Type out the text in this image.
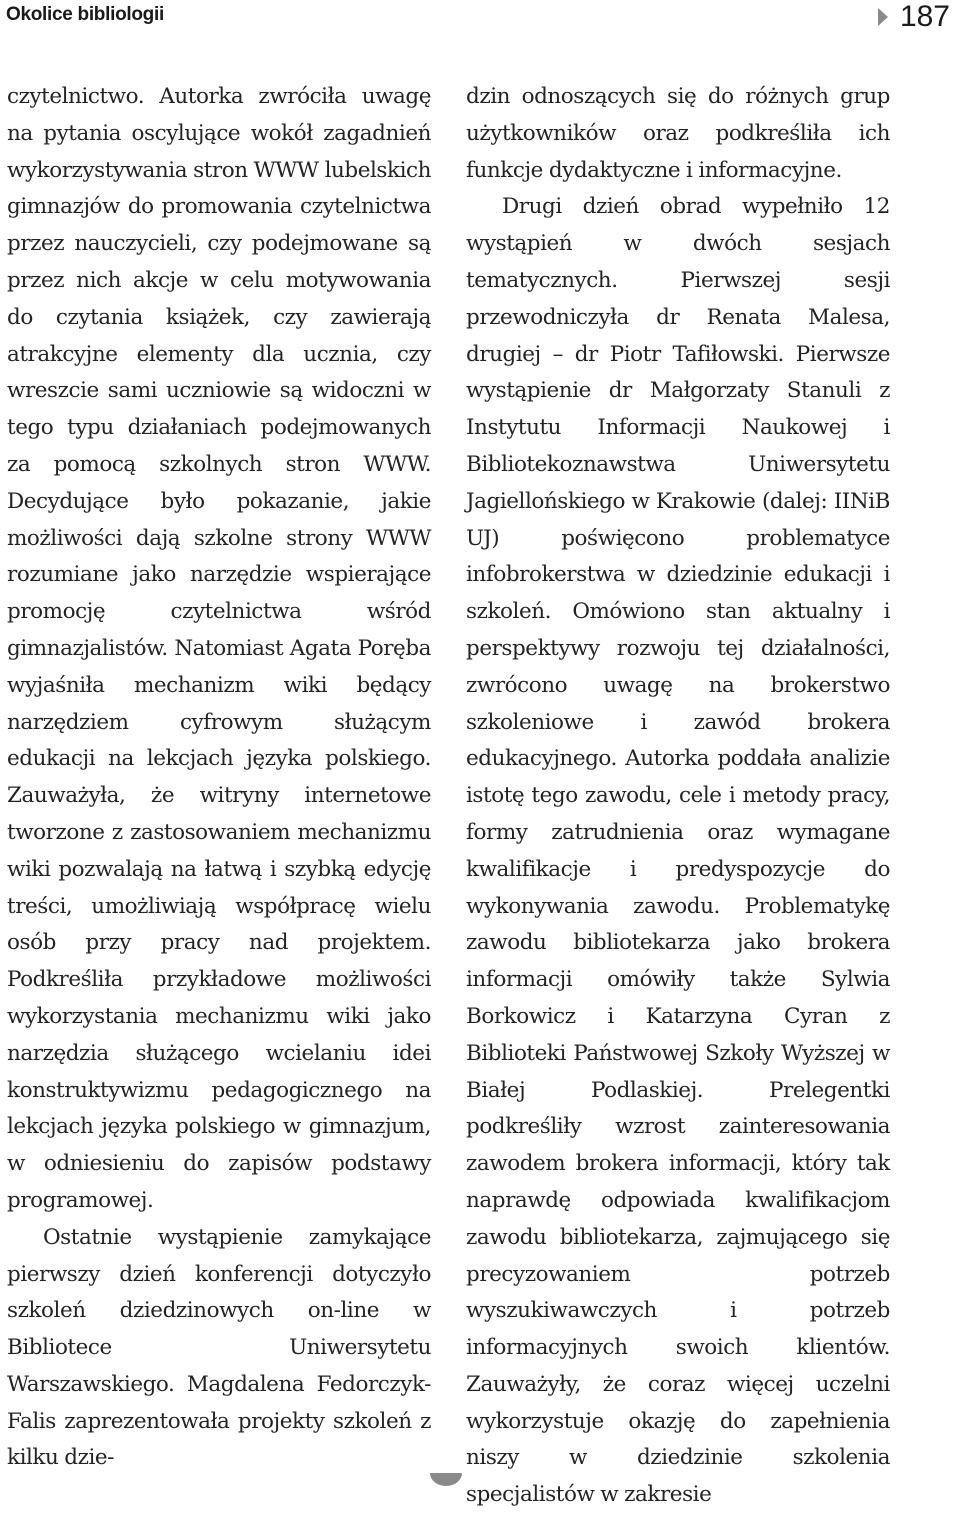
Okolice bibliologii	187

czytelnictwo. Autorka zwróciła uwagę na pytania oscylujące wokół zagadnień wykorzystywania stron WWW lubelskich gimnazjów do promowania czytelnictwa przez nauczycieli, czy podejmowane są przez nich akcje w celu motywowania do czytania książek, czy zawierają atrakcyjne elementy dla ucznia, czy wreszcie sami uczniowie są widoczni w tego typu działaniach podejmowanych za pomocą szkolnych stron WWW. Decydujące było pokazanie, jakie możliwości dają szkolne strony WWW rozumiane jako narzędzie wspierające promocję czytelnictwa wśród gimnazjalistów. Natomiast Agata Poręba wyjaśniła mechanizm wiki będący narzędziem cyfrowym służącym edukacji na lekcjach języka polskiego. Zauważyła, że witryny internetowe tworzone z zastosowaniem mechanizmu wiki pozwalają na łatwą i szybką edycję treści, umożliwiają współpracę wielu osób przy pracy nad projektem. Podkreśliła przykładowe możliwości wykorzystania mechanizmu wiki jako narzędzia służącego wcielaniu idei konstruktywizmu pedagogicznego na lekcjach języka polskiego w gimnazjum, w odniesieniu do zapisów podstawy programowej.

Ostatnie wystąpienie zamykające pierwszy dzień konferencji dotyczyło szkoleń dziedzinowych on-line w Bibliotece Uniwersytetu Warszawskiego. Magdalena Fedorczyk-Falis zaprezentowała projekty szkoleń z kilku dzie-

dzin odnoszących się do różnych grup użytkowników oraz podkreśliła ich funkcje dydaktyczne i informacyjne.

Drugi dzień obrad wypełniło 12 wystąpień w dwóch sesjach tematycznych. Pierwszej sesji przewodniczyła dr Renata Malesa, drugiej – dr Piotr Tafiłowski. Pierwsze wystąpienie dr Małgorzaty Stanuli z Instytutu Informacji Naukowej i Bibliotekoznawstwa Uniwersytetu Jagiellońskiego w Krakowie (dalej: IINiB UJ) poświęcono problematyce infobrokerstwa w dziedzinie edukacji i szkoleń. Omówiono stan aktualny i perspektywy rozwoju tej działalności, zwrócono uwagę na brokerstwo szkoleniowe i zawód brokera edukacyjnego. Autorka poddała analizie istotę tego zawodu, cele i metody pracy, formy zatrudnienia oraz wymagane kwalifikacje i predyspozycje do wykonywania zawodu. Problematykę zawodu bibliotekarza jako brokera informacji omówiły także Sylwia Borkowicz i Katarzyna Cyran z Biblioteki Państwowej Szkoły Wyższej w Białej Podlaskiej. Prelegentki podkreśliły wzrost zainteresowania zawodem brokera informacji, który tak naprawdę odpowiada kwalifikacjom zawodu bibliotekarza, zajmującego się precyzowaniem potrzeb wyszukiwawczych i potrzeb informacyjnych swoich klientów. Zauważyły, że coraz więcej uczelni wykorzystuje okazję do zapełnienia niszy w dziedzinie szkolenia specjalistów w zakresie
